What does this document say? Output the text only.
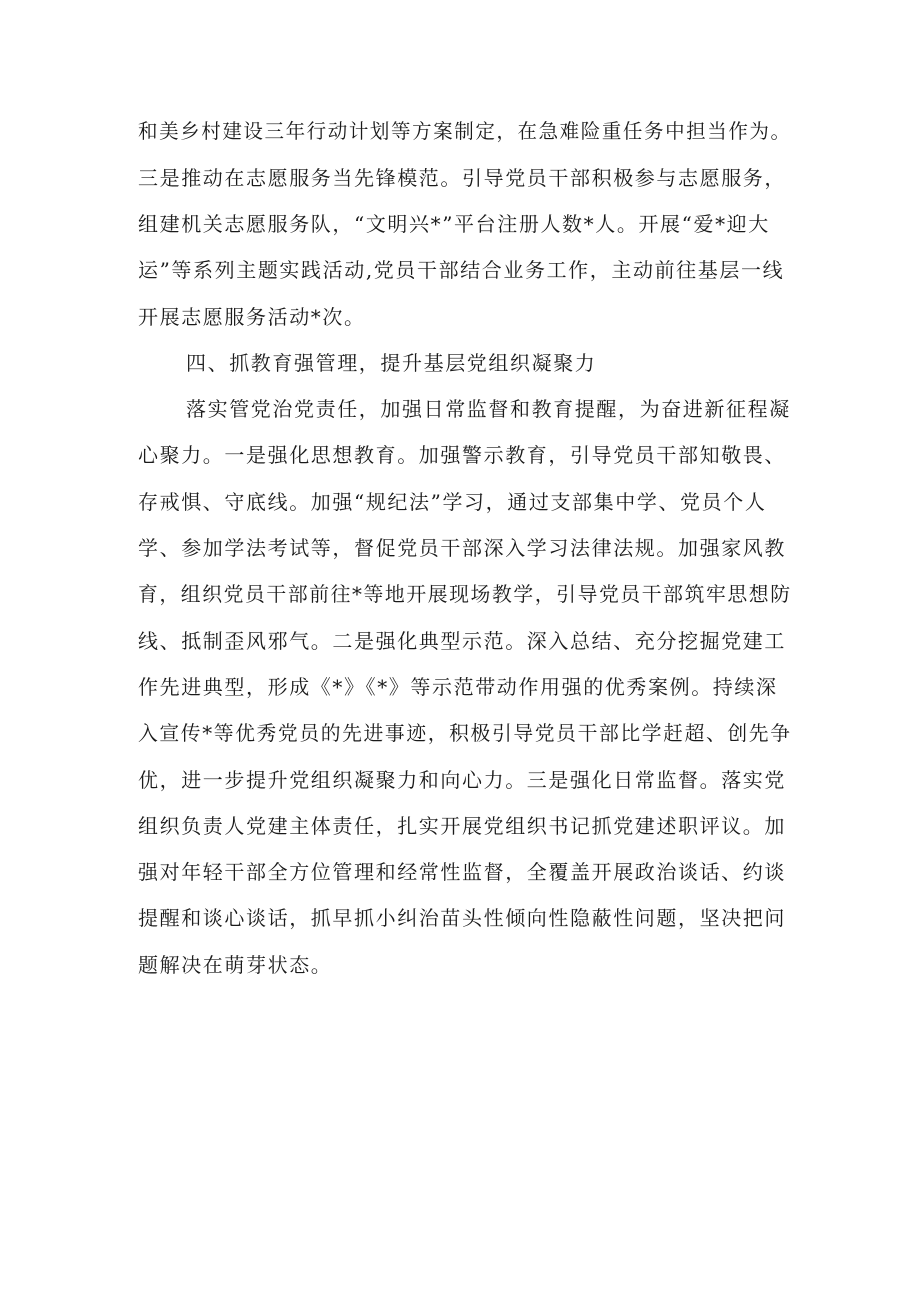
和美乡村建设三年行动计划等方案制定，在急难险重任务中担当作为。
三是推动在志愿服务当先锋模范。引导党员干部积极参与志愿服务，
组建机关志愿服务队，“文明兴*”平台注册人数*人。开展“爱*迎大
运”等系列主题实践活动,党员干部结合业务工作，主动前往基层一线
开展志愿服务活动*次。
四、抓教育强管理，提升基层党组织凝聚力
落实管党治党责任，加强日常监督和教育提醒，为奋进新征程凝
心聚力。一是强化思想教育。加强警示教育，引导党员干部知敬畏、
存戒惧、守底线。加强“规纪法”学习，通过支部集中学、党员个人
学、参加学法考试等，督促党员干部深入学习法律法规。加强家风教
育，组织党员干部前往*等地开展现场教学，引导党员干部筑牢思想防
线、抵制歪风邪气。二是强化典型示范。深入总结、充分挖掘党建工
作先进典型，形成《*》《*》等示范带动作用强的优秀案例。持续深
入宣传*等优秀党员的先进事迹，积极引导党员干部比学赶超、创先争
优，进一步提升党组织凝聚力和向心力。三是强化日常监督。落实党
组织负责人党建主体责任，扎实开展党组织书记抓党建述职评议。加
强对年轻干部全方位管理和经常性监督，全覆盖开展政治谈话、约谈
提醒和谈心谈话，抓早抓小纠治苗头性倾向性隐蔽性问题，坚决把问
题解决在萌芽状态。
